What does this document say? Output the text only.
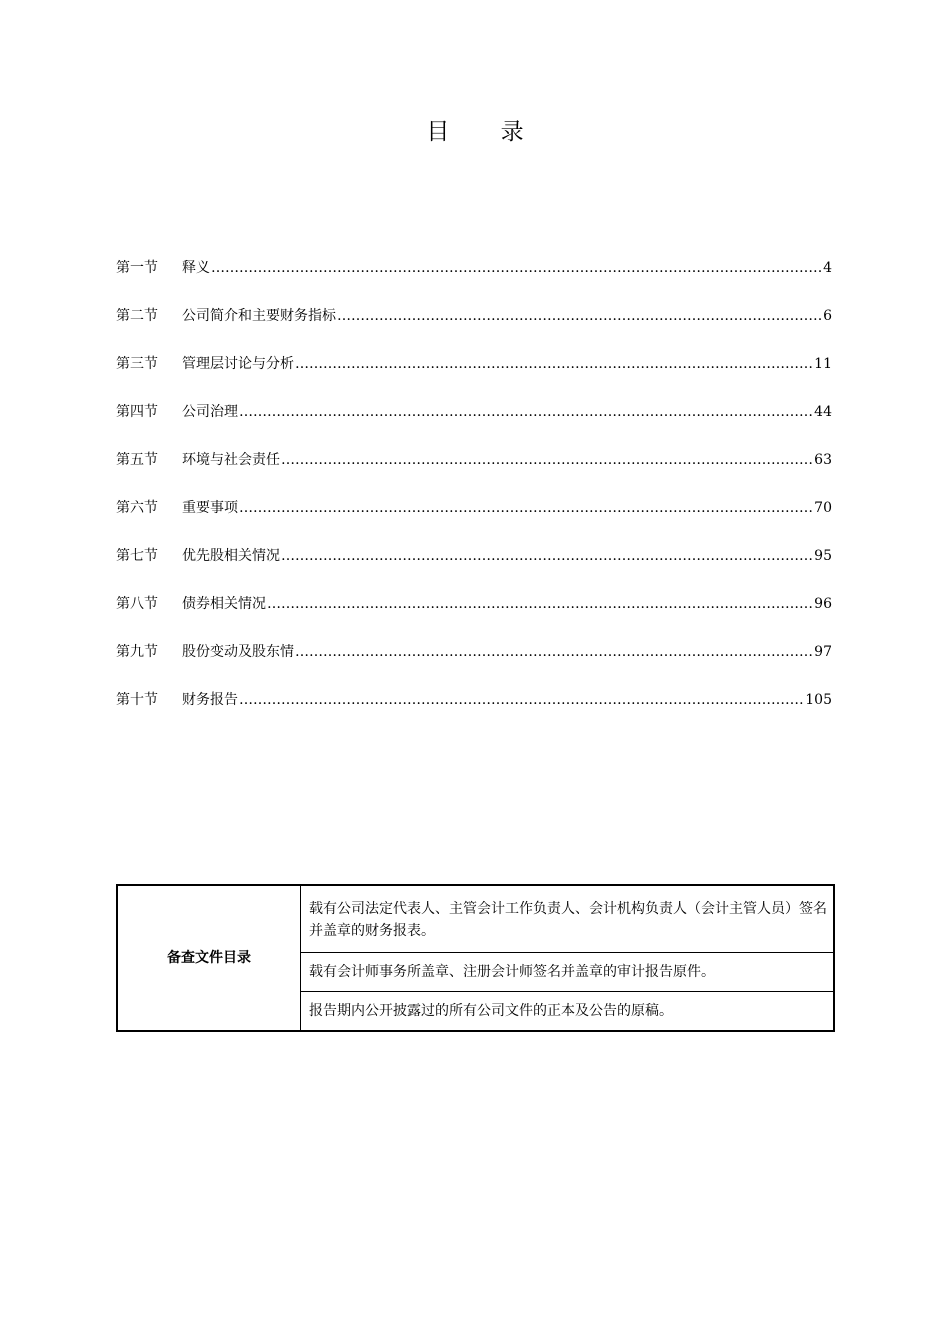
目 录
第一节	释义 …………………………………………………………………………………………………………………………………………………………	4
第二节	公司简介和主要财务指标 …………………………………………………………………………………………………………………………………………………………	6
第三节	管理层讨论与分析 …………………………………………………………………………………………………………………………………………………………	11
第四节	公司治理 …………………………………………………………………………………………………………………………………………………………	44
第五节	环境与社会责任 …………………………………………………………………………………………………………………………………………………………	63
第六节	重要事项 …………………………………………………………………………………………………………………………………………………………	70
第七节	优先股相关情况 …………………………………………………………………………………………………………………………………………………………	95
第八节	债券相关情况 …………………………………………………………………………………………………………………………………………………………	96
第九节	股份变动及股东情 …………………………………………………………………………………………………………………………………………………………	97
第十节	财务报告 …………………………………………………………………………………………………………………………………………………………	105
备查文件目录	载有公司法定代表人、主管会计工作负责人、会计机构负责人（会计主管人员）签名并盖章的财务报表。
载有会计师事务所盖章、注册会计师签名并盖章的审计报告原件。
报告期内公开披露过的所有公司文件的正本及公告的原稿。
